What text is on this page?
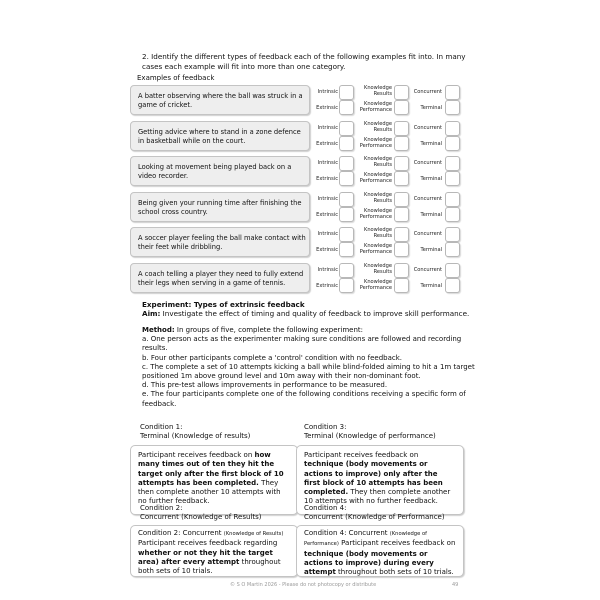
2. Identify the different types of feedback each of the following examples fit into. In many cases each example will fit into more than one category.
Examples of feedback
A batter observing where the ball was struck in a game of cricket.
Intrinsic
Extrinsic
Knowledge
Results
Knowledge
Performance
Concurrent
Terminal
Getting advice where to stand in a zone defence in basketball while on the court.
Intrinsic
Extrinsic
Knowledge
Results
Knowledge
Performance
Concurrent
Terminal
Looking at movement being played back on a video recorder.
Intrinsic
Extrinsic
Knowledge
Results
Knowledge
Performance
Concurrent
Terminal
Being given your running time after finishing the school cross country.
Intrinsic
Extrinsic
Knowledge
Results
Knowledge
Performance
Concurrent
Terminal
A soccer player feeling the ball make contact with their feet while dribbling.
Intrinsic
Extrinsic
Knowledge
Results
Knowledge
Performance
Concurrent
Terminal
A coach telling a player they need to fully extend their legs when serving in a game of tennis.
Intrinsic
Extrinsic
Knowledge
Results
Knowledge
Performance
Concurrent
Terminal
Experiment: Types of extrinsic feedback
Aim: Investigate the effect of timing and quality of feedback to improve skill performance.
Method: In groups of five, complete the following experiment:
a. One person acts as the experimenter making sure conditions are followed and recording results.
b. Four other participants complete a 'control' condition with no feedback.
c. The complete a set of 10 attempts kicking a ball while blind-folded aiming to hit a 1m target positioned 1m above ground level and 10m away with their non-dominant foot.
d. This pre-test allows improvements in performance to be measured.
e. The four participants complete one of the following conditions receiving a specific form of feedback.
Condition 1:
Terminal (Knowledge of results)
Participant receives feedback on how many times out of ten they hit the target only after the first block of 10 attempts has been completed. They then complete another 10 attempts with no further feedback.
Condition 3:
Terminal (Knowledge of performance)
Participant receives feedback on technique (body movements or actions to improve) only after the first block of 10 attempts has been completed. They then complete another 10 attempts with no further feedback.
Condition 2:
Concurrent (Knowledge of Results)
Condition 2: Concurrent (Knowledge of Results) Participant receives feedback regarding whether or not they hit the target area) after every attempt throughout both sets of 10 trials.
Condition 4:
Concurrent (Knowledge of Performance)
Condition 4: Concurrent (Knowledge of Performance) Participant receives feedback on technique (body movements or actions to improve) during every attempt throughout both sets of 10 trials.
© S O Martin 2026 - Please do not photocopy or distribute	49
